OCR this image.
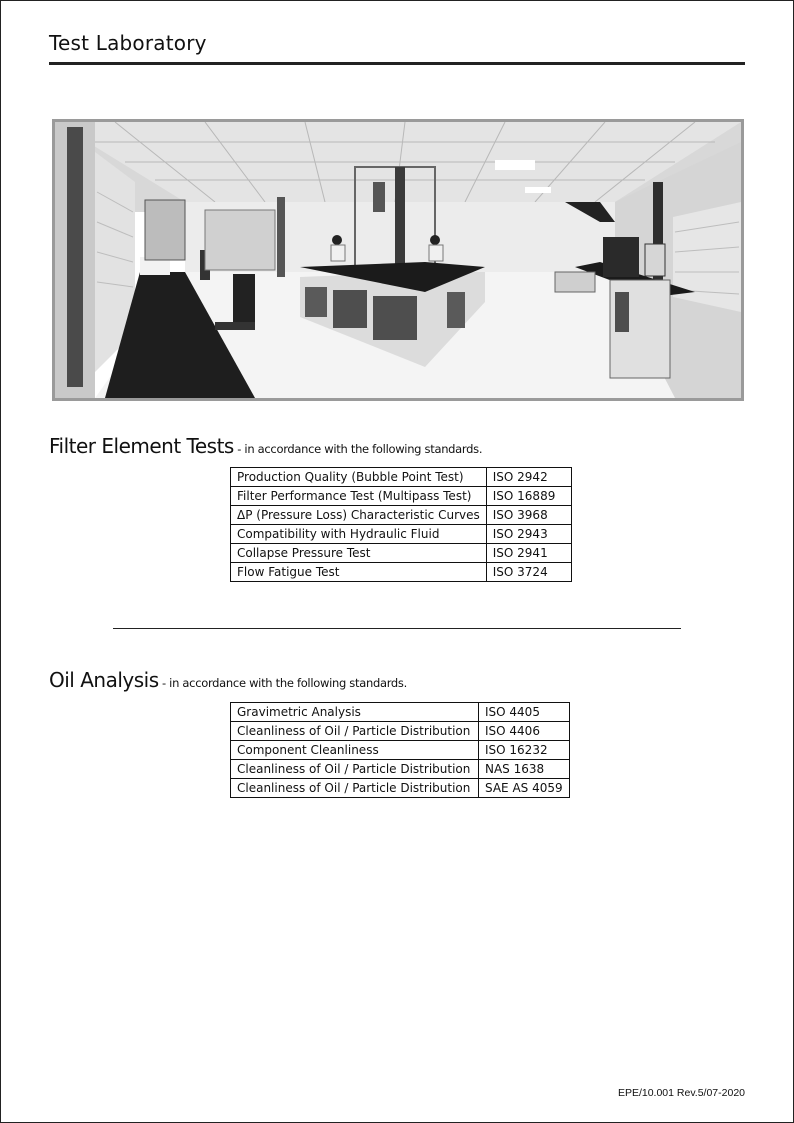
Test Laboratory
Filter Element Tests - in accordance with the following standards.
Production Quality (Bubble Point Test)	ISO 2942
Filter Performance Test (Multipass Test)	ISO 16889
ΔP (Pressure Loss) Characteristic Curves	ISO 3968
Compatibility with Hydraulic Fluid	ISO 2943
Collapse Pressure Test	ISO 2941
Flow Fatigue Test	ISO 3724
Oil Analysis - in accordance with the following standards.
Gravimetric Analysis	ISO 4405
Cleanliness of Oil / Particle Distribution	ISO 4406
Component Cleanliness	ISO 16232
Cleanliness of Oil / Particle Distribution	NAS 1638
Cleanliness of Oil / Particle Distribution	SAE AS 4059
EPE/10.001 Rev.5/07-2020
